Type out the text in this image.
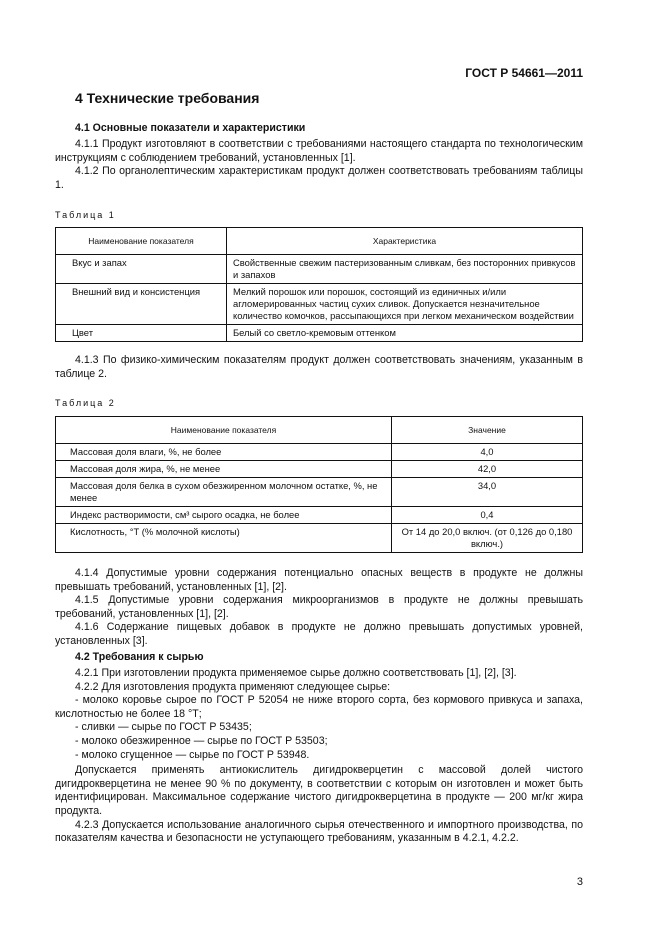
ГОСТ Р 54661—2011
4 Технические требования
4.1 Основные показатели и характеристики

4.1.1 Продукт изготовляют в соответствии с требованиями настоящего стандарта по технологическим инструкциям с соблюдением требований, установленных [1].

4.1.2 По органолептическим характеристикам продукт должен соответствовать требованиям таблицы 1.

Таблица 1
Наименование показателя	Характеристика
Вкус и запах	Свойственные свежим пастеризованным сливкам, без посторонних привкусов и запахов
Внешний вид и консистенция	Мелкий порошок или порошок, состоящий из единичных и/или агломерированных частиц сухих сливок. Допускается незначительное количество комочков, рассыпающихся при легком механическом воздействии
Цвет	Белый со светло-кремовым оттенком

4.1.3 По физико-химическим показателям продукт должен соответствовать значениям, указанным в таблице 2.

Таблица 2
Наименование показателя	Значение
Массовая доля влаги, %, не более	4,0
Массовая доля жира, %, не менее	42,0
Массовая доля белка в сухом обезжиренном молочном остатке, %, не менее	34,0
Индекс растворимости, см³ сырого осадка, не более	0,4
Кислотность, °Т (% молочной кислоты)	От 14 до 20,0 включ. (от 0,126 до 0,180 включ.)

4.1.4 Допустимые уровни содержания потенциально опасных веществ в продукте не должны превышать требований, установленных [1], [2].

4.1.5 Допустимые уровни содержания микроорганизмов в продукте не должны превышать требований, установленных [1], [2].

4.1.6 Содержание пищевых добавок в продукте не должно превышать допустимых уровней, установленных [3].

4.2 Требования к сырью

4.2.1 При изготовлении продукта применяемое сырье должно соответствовать [1], [2], [3].

4.2.2 Для изготовления продукта применяют следующее сырье:

- молоко коровье сырое по ГОСТ Р 52054 не ниже второго сорта, без кормового привкуса и запаха, кислотностью не более 18 °Т;

- сливки — сырье по ГОСТ Р 53435;

- молоко обезжиренное — сырье по ГОСТ Р 53503;

- молоко сгущенное — сырье по ГОСТ Р 53948.

Допускается применять антиокислитель дигидрокверцетин с массовой долей чистого дигидрокверцетина не менее 90 % по документу, в соответствии с которым он изготовлен и может быть идентифицирован. Максимальное содержание чистого дигидрокверцетина в продукте — 200 мг/кг жира продукта.

4.2.3 Допускается использование аналогичного сырья отечественного и импортного производства, по показателям качества и безопасности не уступающего требованиям, указанным в 4.2.1, 4.2.2.

3
